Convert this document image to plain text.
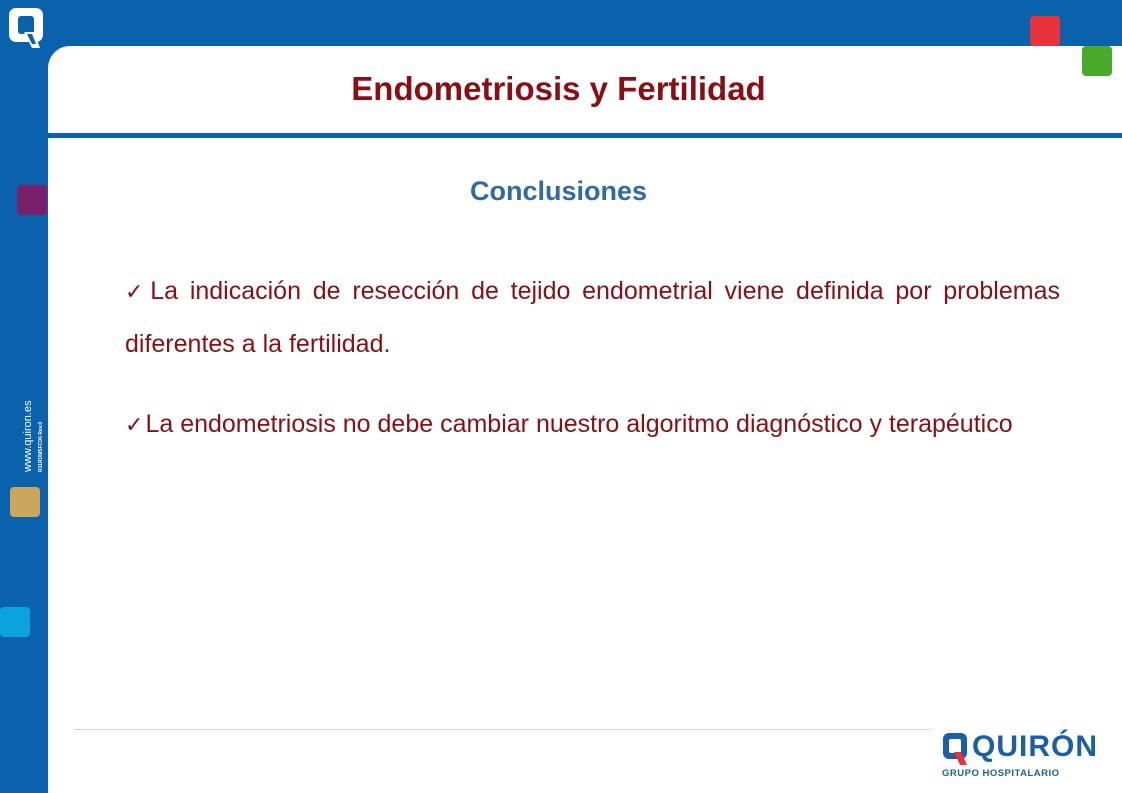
www.quiron.es R11RDMSFC06 Rev.0
Endometriosis y Fertilidad
Conclusiones

✓La indicación de resección de tejido endometrial viene definida por problemas diferentes a la fertilidad.

✓La endometriosis no debe cambiar nuestro algoritmo diagnóstico y terapéutico

QUIRÓN
GRUPO HOSPITALARIO
